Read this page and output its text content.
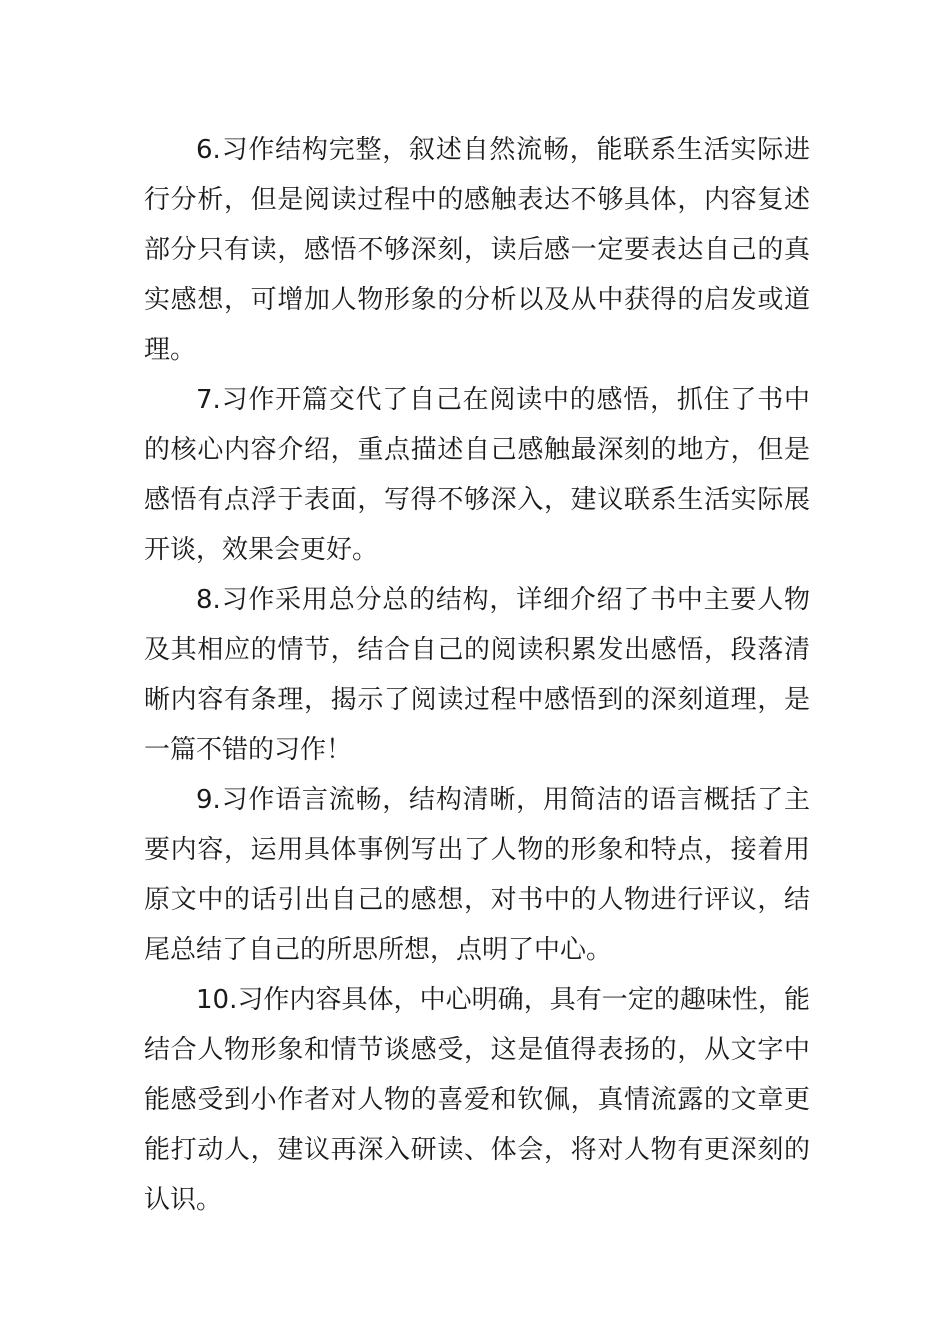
6.习作结构完整，叙述自然流畅，能联系生活实际进行分析，但是阅读过程中的感触表达不够具体，内容复述部分只有读，感悟不够深刻，读后感一定要表达自己的真实感想，可增加人物形象的分析以及从中获得的启发或道理。

7.习作开篇交代了自己在阅读中的感悟，抓住了书中的核心内容介绍，重点描述自己感触最深刻的地方，但是感悟有点浮于表面，写得不够深入，建议联系生活实际展开谈，效果会更好。

8.习作采用总分总的结构，详细介绍了书中主要人物及其相应的情节，结合自己的阅读积累发出感悟，段落清晰内容有条理，揭示了阅读过程中感悟到的深刻道理，是一篇不错的习作！

9.习作语言流畅，结构清晰，用简洁的语言概括了主要内容，运用具体事例写出了人物的形象和特点，接着用原文中的话引出自己的感想，对书中的人物进行评议，结尾总结了自己的所思所想，点明了中心。

10.习作内容具体，中心明确，具有一定的趣味性，能结合人物形象和情节谈感受，这是值得表扬的，从文字中能感受到小作者对人物的喜爱和钦佩，真情流露的文章更能打动人，建议再深入研读、体会，将对人物有更深刻的认识。
